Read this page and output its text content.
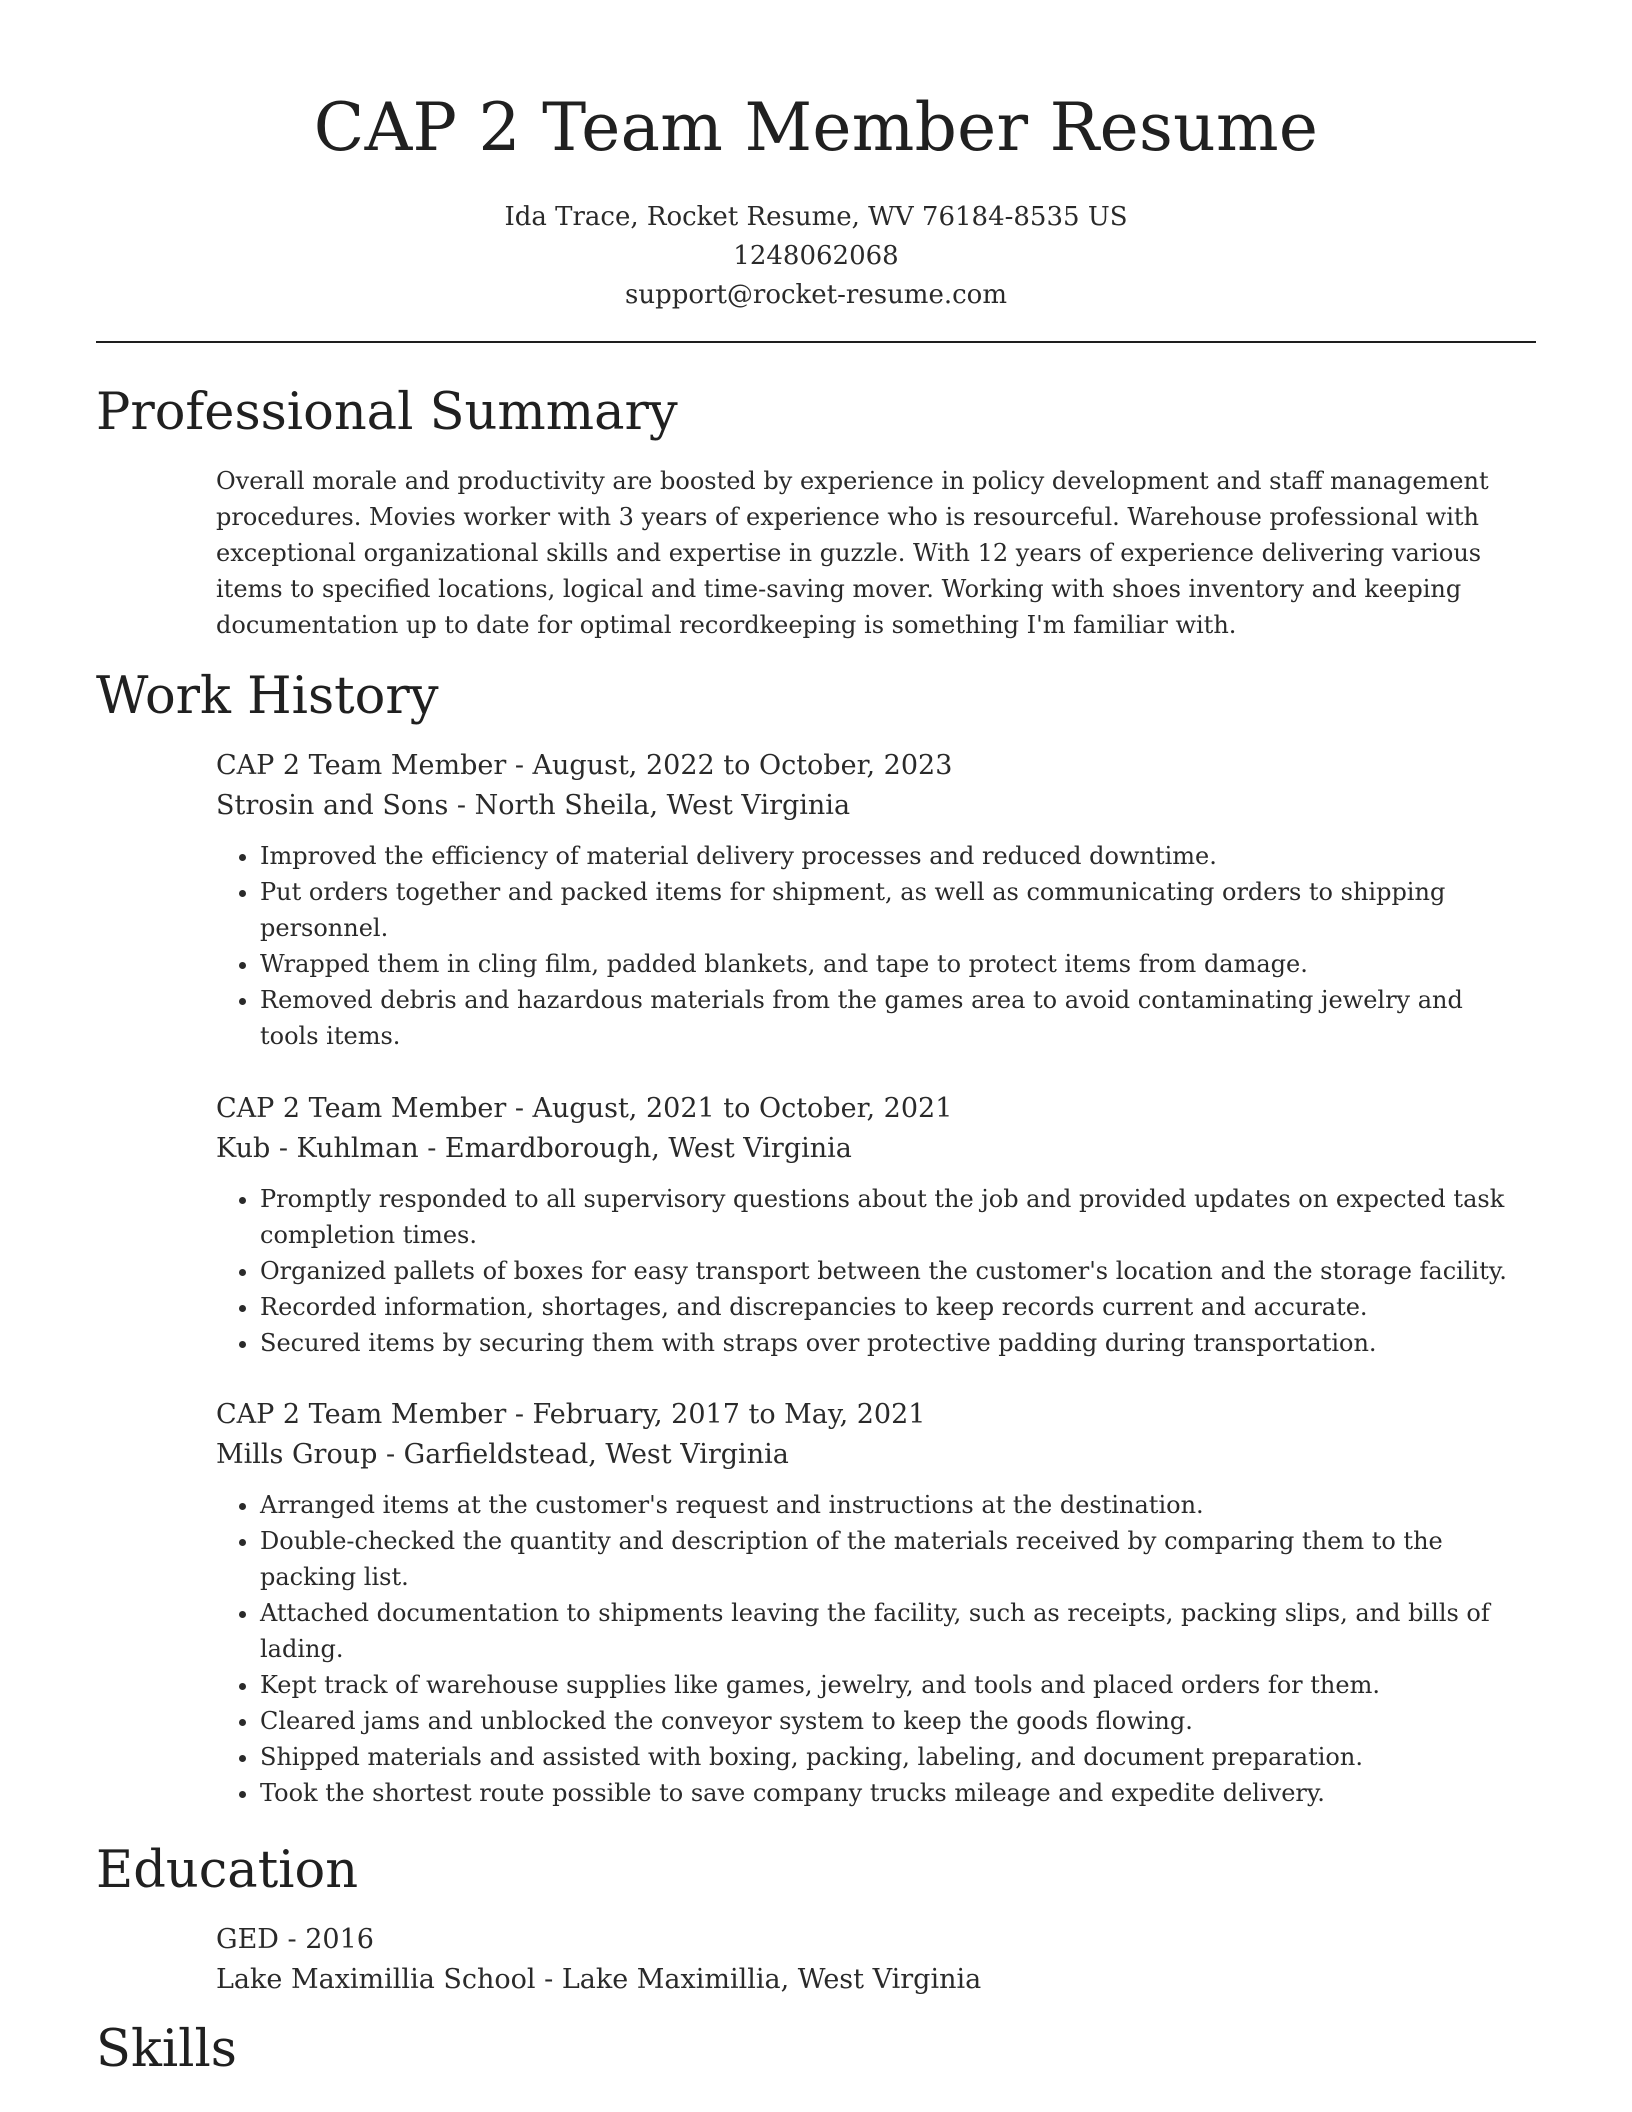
CAP 2 Team Member Resume
Ida Trace, Rocket Resume, WV 76184-8535 US
1248062068
support@rocket-resume.com
Professional Summary
Overall morale and productivity are boosted by experience in policy development and staff management procedures. Movies worker with 3 years of experience who is resourceful. Warehouse professional with exceptional organizational skills and expertise in guzzle. With 12 years of experience delivering various items to specified locations, logical and time-saving mover. Working with shoes inventory and keeping documentation up to date for optimal recordkeeping is something I'm familiar with.
Work History
CAP 2 Team Member - August, 2022 to October, 2023
Strosin and Sons - North Sheila, West Virginia
• Improved the efficiency of material delivery processes and reduced downtime.
• Put orders together and packed items for shipment, as well as communicating orders to shipping personnel.
• Wrapped them in cling film, padded blankets, and tape to protect items from damage.
• Removed debris and hazardous materials from the games area to avoid contaminating jewelry and tools items.
CAP 2 Team Member - August, 2021 to October, 2021
Kub - Kuhlman - Emardborough, West Virginia
• Promptly responded to all supervisory questions about the job and provided updates on expected task completion times.
• Organized pallets of boxes for easy transport between the customer's location and the storage facility.
• Recorded information, shortages, and discrepancies to keep records current and accurate.
• Secured items by securing them with straps over protective padding during transportation.
CAP 2 Team Member - February, 2017 to May, 2021
Mills Group - Garfieldstead, West Virginia
• Arranged items at the customer's request and instructions at the destination.
• Double-checked the quantity and description of the materials received by comparing them to the packing list.
• Attached documentation to shipments leaving the facility, such as receipts, packing slips, and bills of lading.
• Kept track of warehouse supplies like games, jewelry, and tools and placed orders for them.
• Cleared jams and unblocked the conveyor system to keep the goods flowing.
• Shipped materials and assisted with boxing, packing, labeling, and document preparation.
• Took the shortest route possible to save company trucks mileage and expedite delivery.
Education
GED - 2016
Lake Maximillia School - Lake Maximillia, West Virginia
Skills
